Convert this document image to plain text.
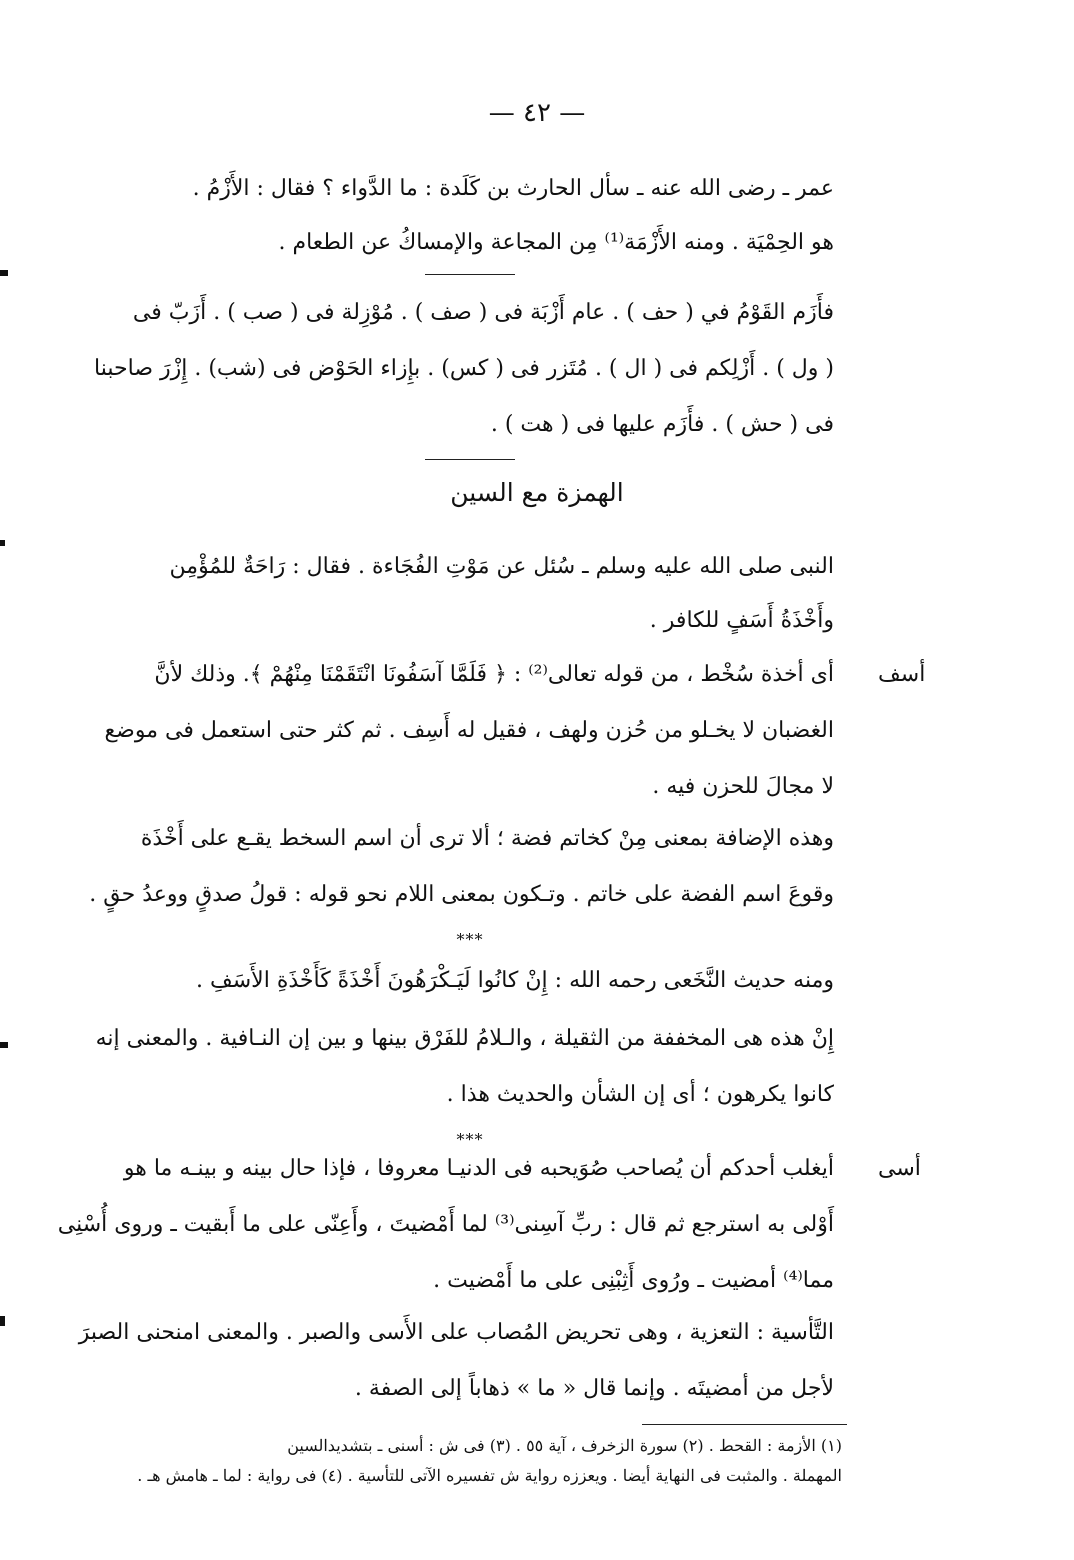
— ٤٢ —
عمر ـ رضى الله عنه ـ سأل الحارث بن كَلَدة : ما الدَّواء ؟ فقال : الأَزْمُ .
هو الحِمْيَة . ومنه الأَزْمَة⁽¹⁾ مِن المجاعة والإمساكُ عن الطعام .
فأَزَم القَوْمُ في ( حف ) . عام أَزْبَة فى ( صف ) . مُوْزِلة فى ( صب ) . أَزَبّ فى
( ول ) . أَزْلِكم فى ( ال ) . مُتَزر فى ( كس) . بإِزاء الحَوْض فى (شب) . إِزْرَ صاحبنا
فى ( حش ) . فأَزَم عليها فى ( هت ) .
الهمزة مع السين
النبى صلى الله عليه وسلم ـ سُئل عن مَوْتِ الفُجَاءة . فقال : رَاحَةٌ للمُؤْمِن
وأَخْذَةُ أَسَفٍ للكافر .
أسف
أى أخذة سُخْط ، من قوله تعالى⁽²⁾ : ﴿ فَلَمَّا آسَفُونَا انْتَقَمْنَا مِنْهُمْ ﴾. وذلك لأنَّ
الغضبان لا يخـلو من حُزن ولهف ، فقيل له أَسِف . ثم كثر حتى استعمل فى موضع
لا مجالَ للحزن فيه .
وهذه الإضافة بمعنى مِنْ كخاتم فضة ؛ ألا ترى أن اسم السخط يقـع على أَخْذَة
وقوعَ اسم الفضة على خاتم . وتـكون بمعنى اللام نحو قوله : قولُ صدقٍ ووعدُ حقٍ .
***
ومنه حديث النَّخَعى رحمه الله : إِنْ كانُوا لَيَـكْرَهُونَ أَخْذَةً كَأَخْذَةِ الأَسَفِ .
إِنْ هذه هى المخففة من الثقيلة ، والـلامُ للفَرْق بينها و بين إن النـافية . والمعنى إنه
كانوا يكرهون ؛ أى إن الشأن والحديث هذا .
***
أسى
أيغلب أحدكم أن يُصاحب صُوَيحبه فى الدنيـا معروفا ، فإذا حال بينه و بينـه ما هو
أَوْلى به استرجع ثم قال : ربِّ آسِنى⁽³⁾ لما أَمْضيتَ ، وأَعِنّى على ما أَبقيت ـ وروى أُسْنِى
مما⁽⁴⁾ أمضيت ـ ورُوى أَثِبْنِى على ما أَمْضيت .
التَّأسية : التعزية ، وهى تحريض المُصاب على الأَسى والصبر . والمعنى امنحنى الصبرَ
لأجل من أمضيتَه . وإنما قال « ما » ذهاباً إلى الصفة .
(١) الأزمة : القحط . (٢) سورة الزخرف ، آية ٥٥ . (٣) فى ش : أسنى ـ بتشديدالسين
المهملة . والمثبت فى النهاية أيضا . ويعززه رواية ش تفسيره الآتى للتأسية . (٤) فى رواية : لما ـ هامش هـ .
